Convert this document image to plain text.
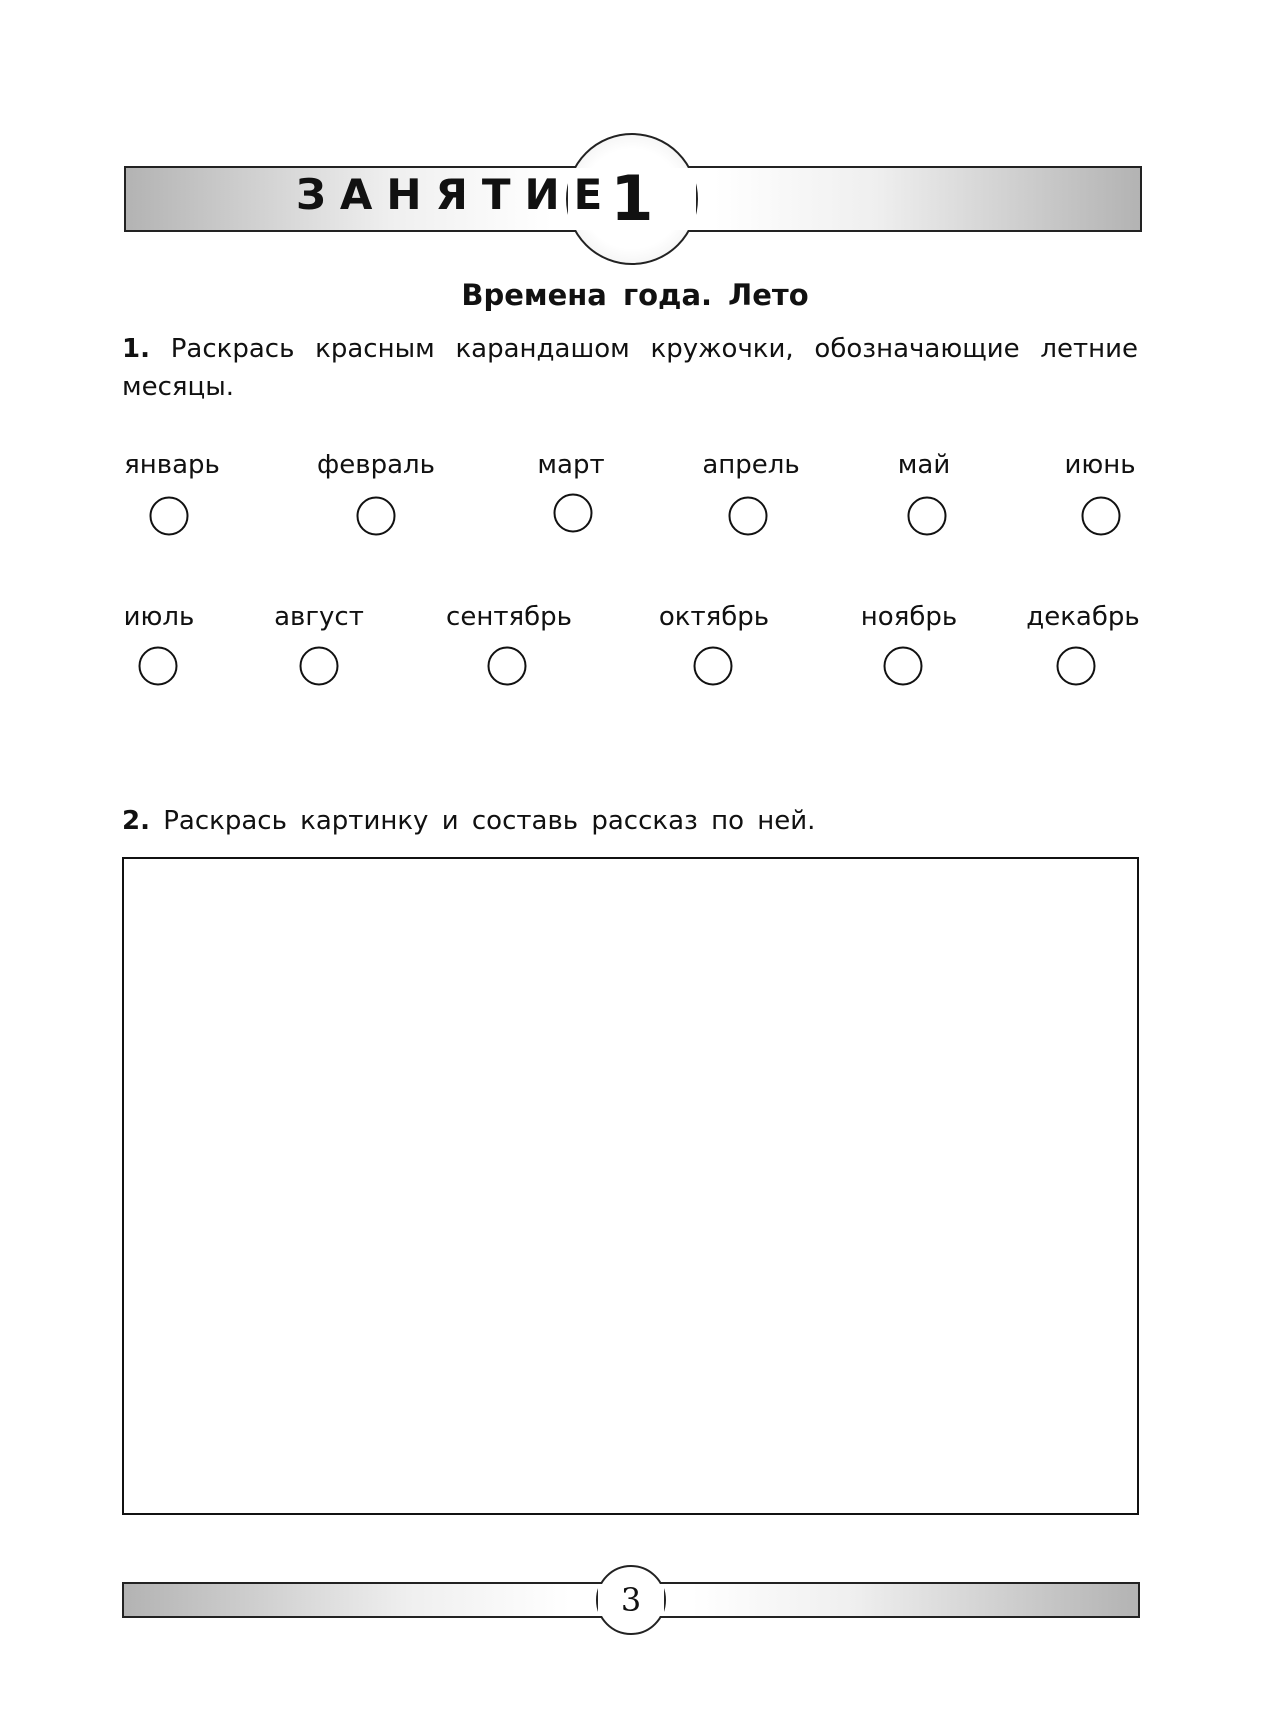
ЗАНЯТИЕ
1
Времена года. Лето
1. Раскрась красным карандашом кружочки, обозначающие летние месяцы.
январь	февраль	март	апрель	май	июнь
июль	август	сентябрь	октябрь	ноябрь	декабрь
2. Раскрась картинку и составь рассказ по ней.
3
